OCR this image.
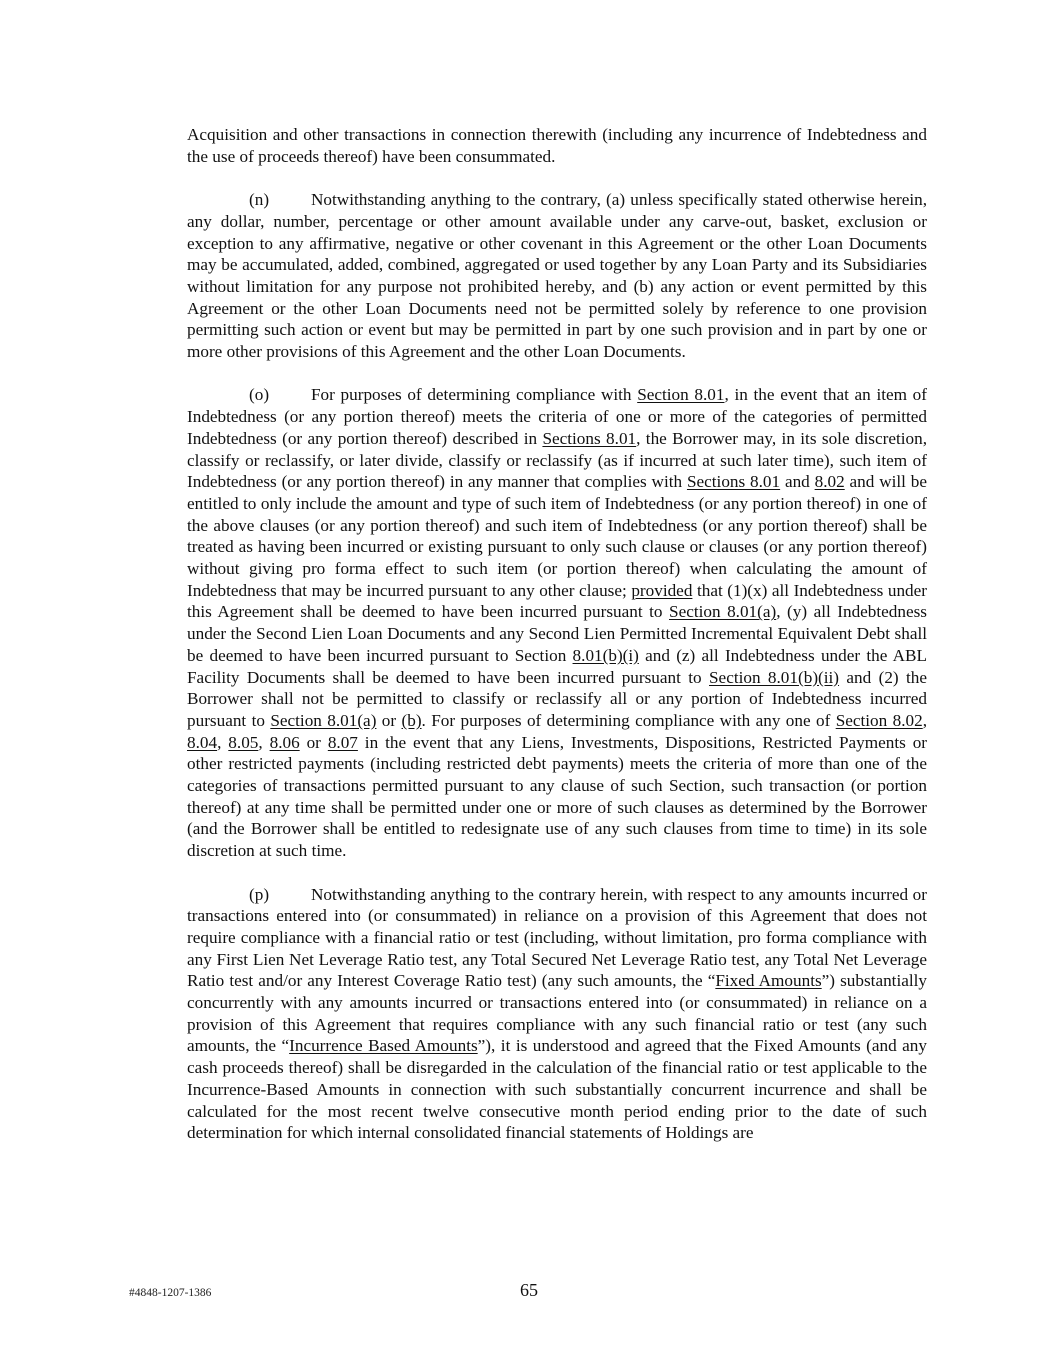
Acquisition and other transactions in connection therewith (including any incurrence of Indebtedness and the use of proceeds thereof) have been consummated.

(n) Notwithstanding anything to the contrary, (a) unless specifically stated otherwise herein, any dollar, number, percentage or other amount available under any carve-out, basket, exclusion or exception to any affirmative, negative or other covenant in this Agreement or the other Loan Documents may be accumulated, added, combined, aggregated or used together by any Loan Party and its Subsidiaries without limitation for any purpose not prohibited hereby, and (b) any action or event permitted by this Agreement or the other Loan Documents need not be permitted solely by reference to one provision permitting such action or event but may be permitted in part by one such provision and in part by one or more other provisions of this Agreement and the other Loan Documents.

(o) For purposes of determining compliance with Section 8.01, in the event that an item of Indebtedness (or any portion thereof) meets the criteria of one or more of the categories of permitted Indebtedness (or any portion thereof) described in Sections 8.01, the Borrower may, in its sole discretion, classify or reclassify, or later divide, classify or reclassify (as if incurred at such later time), such item of Indebtedness (or any portion thereof) in any manner that complies with Sections 8.01 and 8.02 and will be entitled to only include the amount and type of such item of Indebtedness (or any portion thereof) in one of the above clauses (or any portion thereof) and such item of Indebtedness (or any portion thereof) shall be treated as having been incurred or existing pursuant to only such clause or clauses (or any portion thereof) without giving pro forma effect to such item (or portion thereof) when calculating the amount of Indebtedness that may be incurred pursuant to any other clause; provided that (1)(x) all Indebtedness under this Agreement shall be deemed to have been incurred pursuant to Section 8.01(a), (y) all Indebtedness under the Second Lien Loan Documents and any Second Lien Permitted Incremental Equivalent Debt shall be deemed to have been incurred pursuant to Section 8.01(b)(i) and (z) all Indebtedness under the ABL Facility Documents shall be deemed to have been incurred pursuant to Section 8.01(b)(ii) and (2) the Borrower shall not be permitted to classify or reclassify all or any portion of Indebtedness incurred pursuant to Section 8.01(a) or (b). For purposes of determining compliance with any one of Section 8.02, 8.04, 8.05, 8.06 or 8.07 in the event that any Liens, Investments, Dispositions, Restricted Payments or other restricted payments (including restricted debt payments) meets the criteria of more than one of the categories of transactions permitted pursuant to any clause of such Section, such transaction (or portion thereof) at any time shall be permitted under one or more of such clauses as determined by the Borrower (and the Borrower shall be entitled to redesignate use of any such clauses from time to time) in its sole discretion at such time.

(p) Notwithstanding anything to the contrary herein, with respect to any amounts incurred or transactions entered into (or consummated) in reliance on a provision of this Agreement that does not require compliance with a financial ratio or test (including, without limitation, pro forma compliance with any First Lien Net Leverage Ratio test, any Total Secured Net Leverage Ratio test, any Total Net Leverage Ratio test and/or any Interest Coverage Ratio test) (any such amounts, the “Fixed Amounts”) substantially concurrently with any amounts incurred or transactions entered into (or consummated) in reliance on a provision of this Agreement that requires compliance with any such financial ratio or test (any such amounts, the “Incurrence Based Amounts”), it is understood and agreed that the Fixed Amounts (and any cash proceeds thereof) shall be disregarded in the calculation of the financial ratio or test applicable to the Incurrence-Based Amounts in connection with such substantially concurrent incurrence and shall be calculated for the most recent twelve consecutive month period ending prior to the date of such determination for which internal consolidated financial statements of Holdings are

#4848-1207-1386	65
